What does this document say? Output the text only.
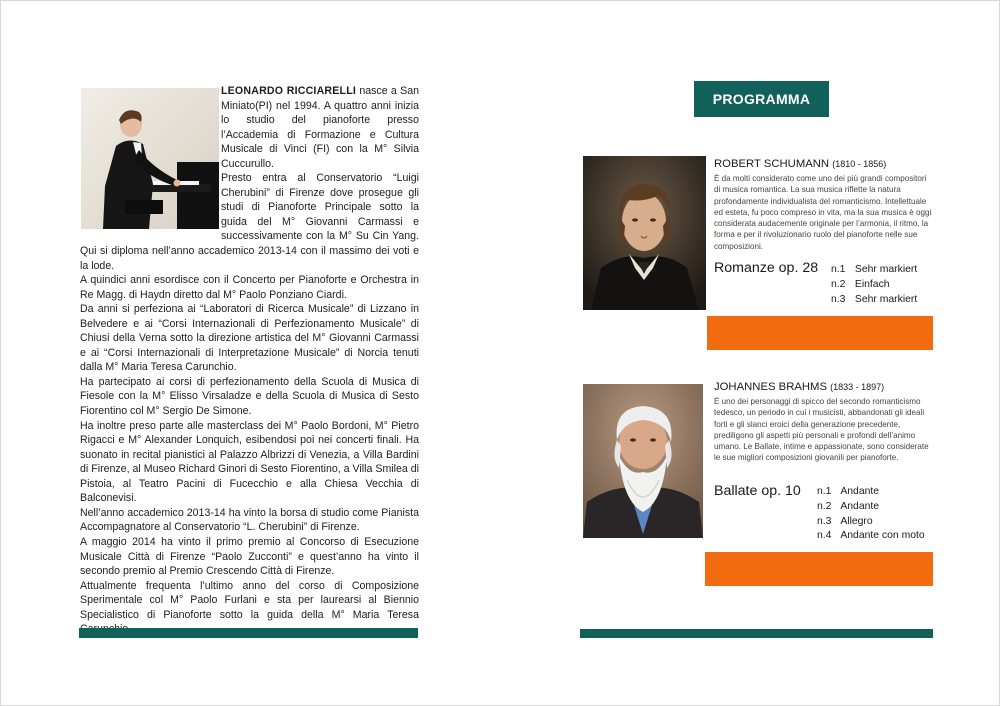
LEONARDO RICCIARELLI nasce a San Miniato(PI) nel 1994. A quattro anni inizia lo studio del pianoforte presso l’Accademia di Formazione e Cultura Musicale di Vinci (FI) con la M° Silvia Cuccurullo.

Presto entra al Conservatorio “Luigi Cherubini” di Firenze dove prosegue gli studi di Pianoforte Principale sotto la guida del M° Giovanni Carmassi e successivamente con la M° Su Cin Yang. Qui si diploma nell’anno accademico 2013-14 con il massimo dei voti e la lode.

A quindici anni esordisce con il Concerto per Pianoforte e Orchestra in Re Magg. di Haydn diretto dal M° Paolo Ponziano Ciardi.

Da anni si perfeziona ai “Laboratori di Ricerca Musicale” di Lizzano in Belvedere e ai “Corsi Internazionali di Perfezionamento Musicale” di Chiusi della Verna sotto la direzione artistica del M° Giovanni Carmassi e ai “Corsi Internazionali di Interpretazione Musicale” di Norcia tenuti dalla M° Maria Teresa Carunchio.

Ha partecipato ai corsi di perfezionamento della Scuola di Musica di Fiesole con la M° Elisso Virsaladze e della Scuola di Musica di Sesto Fiorentino col M° Sergio De Simone.

Ha inoltre preso parte alle masterclass dei M° Paolo Bordoni, M° Pietro Rigacci e M° Alexander Lonquich, esibendosi poi nei concerti finali. Ha suonato in recital pianistici al Palazzo Albrizzi di Venezia, a Villa Bardini di Firenze, al Museo Richard Ginori di Sesto Fiorentino, a Villa Smilea di Pistoia, al Teatro Pacini di Fucecchio e alla Chiesa Vecchia di Balconevisi.

Nell’anno accademico 2013-14 ha vinto la borsa di studio come Pianista Accompagnatore al Conservatorio “L. Cherubini” di Firenze.

A maggio 2014 ha vinto il primo premio al Concorso di Esecuzione Musicale Città di Firenze “Paolo Zucconti” e quest’anno ha vinto il secondo premio al Premio Crescendo Città di Firenze.

Attualmente frequenta l’ultimo anno del corso di Composizione Sperimentale col M° Paolo Furlani e sta per laurearsi al Biennio Specialistico di Pianoforte sotto la guida della M° Maria Teresa

PROGRAMMA
ROBERT SCHUMANN (1810 - 1856)
È da molti considerato come uno dei più grandi compositori di musica romantica. La sua musica riflette la natura profondamente individualista del romanticismo. Intellettuale ed esteta, fu poco compreso in vita, ma la sua musica è oggi considerata audacemente originale per l’armonia, il ritmo, la forma e per il rivoluzionario ruolo del pianoforte nelle sue composizioni.
Romanze op. 28 n.1 Sehr markiert
n.2 Einfach
n.3 Sehr markiert
JOHANNES BRAHMS (1833 - 1897)
È uno dei personaggi di spicco del secondo romanticismo tedesco, un periodo in cui i musicisti, abbandonati gli ideali forti e gli slanci eroici della generazione precedente, prediligono gli aspetti più personali e profondi dell’animo umano. Le Ballate, intime e appassionate, sono considerate le sue migliori composizioni giovanili per pianoforte.
Ballate op. 10 n.1 Andante
n.2 Andante
n.3 Allegro
n.4 Andante con moto
